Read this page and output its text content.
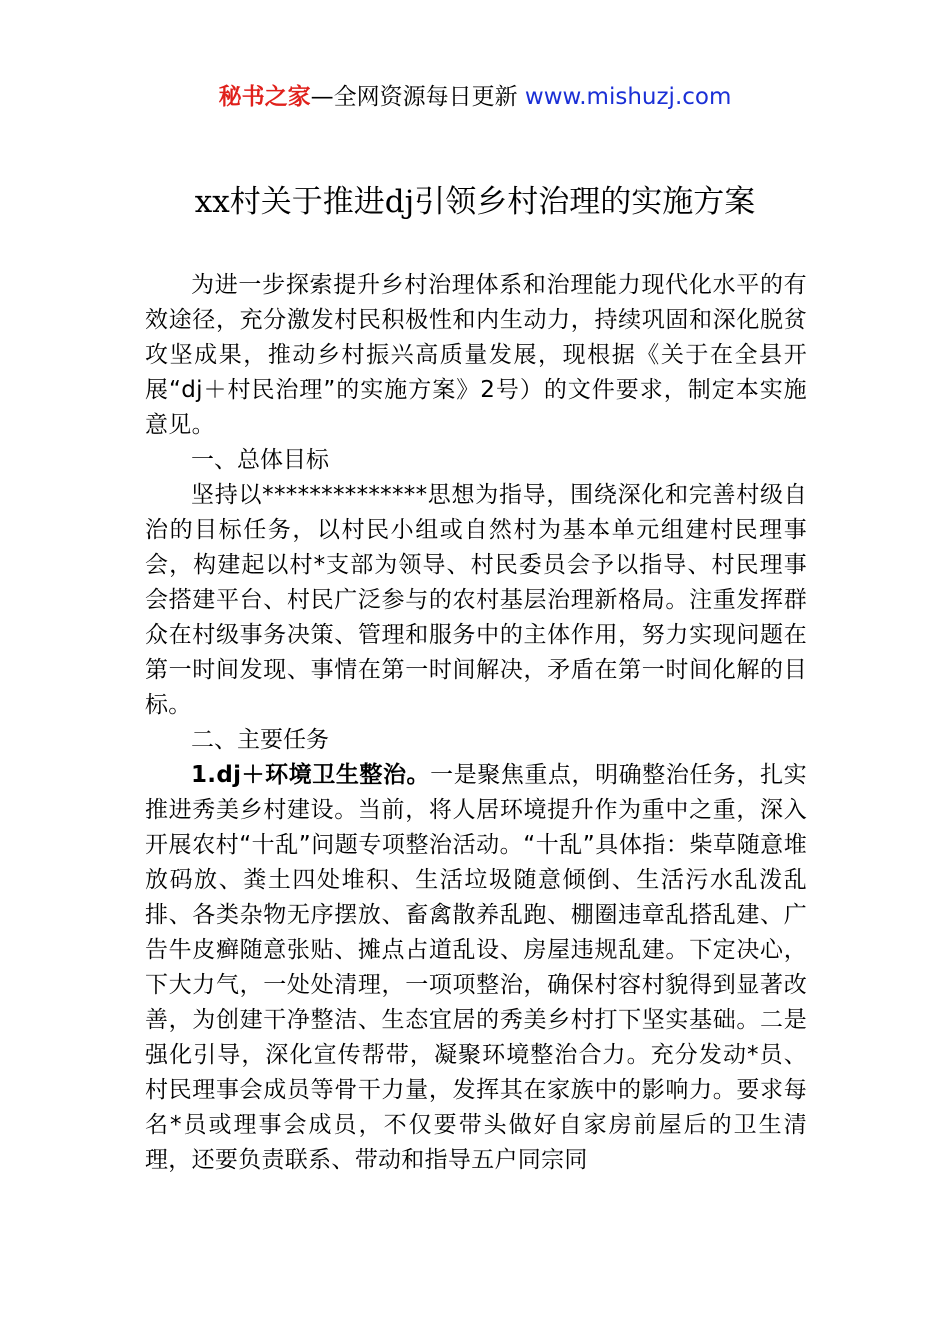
秘书之家—全网资源每日更新 www.mishuzj.com
xx村关于推进dj引领乡村治理的实施方案

为进一步探索提升乡村治理体系和治理能力现代化水平的有效途径，充分激发村民积极性和内生动力，持续巩固和深化脱贫攻坚成果，推动乡村振兴高质量发展，现根据《关于在全县开展“dj＋村民治理”的实施方案》2号）的文件要求，制定本实施意见。

一、总体目标

坚持以**************思想为指导，围绕深化和完善村级自治的目标任务，以村民小组或自然村为基本单元组建村民理事会，构建起以村*支部为领导、村民委员会予以指导、村民理事会搭建平台、村民广泛参与的农村基层治理新格局。注重发挥群众在村级事务决策、管理和服务中的主体作用，努力实现问题在第一时间发现、事情在第一时间解决，矛盾在第一时间化解的目标。

二、主要任务

1.dj＋环境卫生整治。一是聚焦重点，明确整治任务，扎实推进秀美乡村建设。当前，将人居环境提升作为重中之重，深入开展农村“十乱”问题专项整治活动。“十乱”具体指：柴草随意堆放码放、粪土四处堆积、生活垃圾随意倾倒、生活污水乱泼乱排、各类杂物无序摆放、畜禽散养乱跑、棚圈违章乱搭乱建、广告牛皮癣随意张贴、摊点占道乱设、房屋违规乱建。下定决心，下大力气，一处处清理，一项项整治，确保村容村貌得到显著改善，为创建干净整洁、生态宜居的秀美乡村打下坚实基础。二是强化引导，深化宣传帮带，凝聚环境整治合力。充分发动*员、村民理事会成员等骨干力量，发挥其在家族中的影响力。要求每名*员或理事会成员，不仅要带头做好自家房前屋后的卫生清理，还要负责联系、带动和指导五户同宗同
